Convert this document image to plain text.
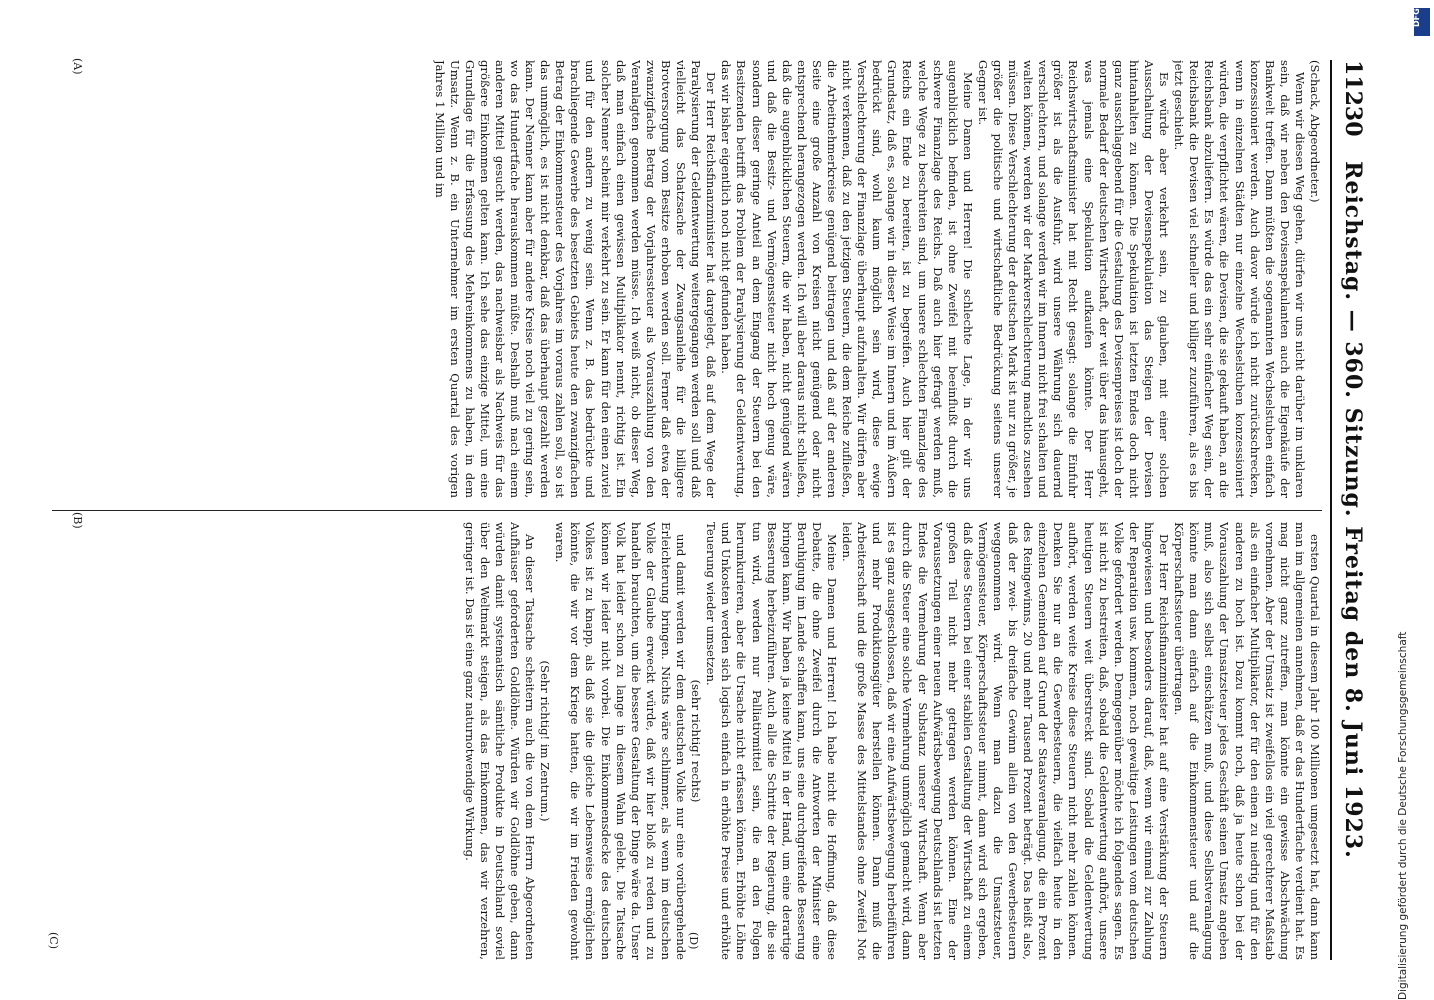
11230
Reichstag. — 360. Sitzung. Freitag den 8. Juni 1923.

(Schack, Abgeordneter.)

Wenn wir diesen Weg gehen, dürfen wir uns nicht darüber im unklaren sein, daß wir neben den Devisenspekulanten auch die Eigenkäufe der Bankwelt treffen. Dann müßten die sogenannten Wechselstuben einfach konzessioniert werden. Auch davor würde ich nicht zurückschrecken, wenn in einzelnen Städten nur einzelne Wechselstuben konzessioniert würden, die verpflichtet wären, die Devisen, die sie gekauft haben, an die Reichsbank abzuliefern. Es würde das ein sehr einfacher Weg sein, der Reichsbank die Devisen viel schneller und billiger zuzuführen, als es bis jetzt geschieht.

Es würde aber verkehrt sein, zu glauben, mit einer solchen Ausschaltung der Devisenspekulation das Steigen der Devisen hintanhalten zu können. Die Spekulation ist letzten Endes doch nicht ganz ausschlaggebend für die Gestaltung des Devisenpreises ist doch der normale Bedarf der deutschen Wirtschaft, der weit über das hinausgeht, was jemals eine Spekulation aufkaufen könnte. Der Herr Reichswirtschaftsminister hat mit Recht gesagt: solange die Einfuhr größer ist als die Ausfuhr, wird unsere Währung sich dauernd verschlechtern, und solange werden wir im Innern nicht frei schalten und walten können, werden wir der Markverschlechterung machtlos zusehen müssen. Diese Verschlechterung der deutschen Mark ist nur zu größer, je größer die politische und wirtschaftliche Bedrückung seitens unserer Gegner ist.

Meine Damen und Herren! Die schlechte Lage, in der wir uns augenblicklich befinden, ist ohne Zweifel mit beeinflußt durch die schwere Finanzlage des Reichs. Daß auch hier gefragt werden muß, welche Wege zu beschreiten sind, um unsere schlechten Finanzlage des Reichs ein Ende zu bereiten, ist zu begreifen. Auch hier gilt der Grundsatz, daß es, solange wir in dieser Weise im Innern und im Äußern bedrückt sind, wohl kaum möglich sein wird, diese ewige Verschlechterung der Finanzlage überhaupt aufzuhalten. Wir dürfen aber nicht verkennen, daß zu den jetzigen Steuern, die dem Reiche zufließen, die Arbeitnehmerkreise genügend beitragen und daß auf der anderen Seite eine große Anzahl von Kreisen nicht genügend oder nicht entsprechend herangezogen werden. Ich will aber daraus nicht schließen, daß die augenblicklichen Steuern, die wir haben, nicht genügend wären und daß die Besitz- und Vermögenssteuer nicht hoch genug wäre, sondern dieser geringe Anteil an dem Eingang der Steuern bei den Besitzenden betrifft das Problem der Paralysierung der Geldentwertung, das wir bisher eigentlich noch nicht gefunden haben.

Der Herr Reichsfinanzminister hat dargelegt, daß auf dem Wege der Paralysierung der Geldentwertung weitergegangen werden soll und daß vielleicht das Schatzsache der Zwangsanleihe für die billigere Brotversorgung vom Besitze erhoben werden soll. Ferner daß etwa der zwanzigfache Betrag der Vorjahressteuer als Vorauszahlung von den Veranlagten genommen werden müsse. Ich weiß nicht, ob dieser Weg, daß man einfach einen gewissen Multiplikator nennt, richtig ist. Ein solcher Nenner scheint mir verkehrt zu sein. Er kann für den einen zuviel und für den andern zu wenig sein. Wenn z. B. das bedrückte und brachliegende Gewerbe des besetzten Gebiets heute den zwanzigfachen Betrag der Einkommensteuer des Vorjahres im voraus zahlen soll, so ist das unmöglich, es ist nicht denkbar, daß das überhaupt gezahlt werden kann. Der Nenner kann aber für andere Kreise noch viel zu gering sein, wo das Hundertfache herauskommen müßte. Deshalb muß nach einem anderen Mittel gesucht werden, das nachweisbar als Nachweis für das größere Einkommen gelten kann. Ich sehe das einzige Mittel, um eine Grundlage für die Erfassung des Mehreinkommens zu haben, in dem Umsatz. Wenn z. B. ein Unternehmer im ersten Quartal des vorigen Jahres 1 Million und im

ersten Quartal in diesem Jahr 100 Millionen umgesetzt hat, dann kann man im allgemeinen annehmen, daß er das Hundertfache verdient hat. Es mag nicht ganz zutreffen, man könnte ein gewisse Abschwächung vornehmen. Aber der Umsatz ist zweifellos ein viel gerechterer Maßstab als ein einfacher Multiplikator, der für den einen zu niedrig und für den anderen zu hoch ist. Dazu kommt noch, daß ja heute schon bei der Vorauszahlung der Umsatzsteuer jedes Geschäft seinen Umsatz angeben muß, also sich selbst einschätzen muß, und diese Selbstveranlagung könnte man dann einfach auf die Einkommensteuer und auf die Körperschaftssteuer übertragen.

Der Herr Reichsfinanzminister hat auf eine Verstärkung der Steuern hingewiesen und besonders darauf, daß, wenn wir einmal zur Zahlung der Reparation usw. kommen, noch gewaltige Leistungen vom deutschen Volke gefordert werden. Demgegenüber möchte ich folgendes sagen. Es ist nicht zu bestreiten, daß, sobald die Geldentwertung aufhört, unsere heutigen Steuern weit überstreckt sind. Sobald die Geldentwertung aufhört, werden weite Kreise diese Steuern nicht mehr zahlen können. Denken Sie nur an die Gewerbesteuern, die vielfach heute in den einzelnen Gemeinden auf Grund der Staatsveranlagung, die ein Prozent des Reingewinns, 20 und mehr Tausend Prozent beträgt. Das heißt also, daß der zwei- bis dreifache Gewinn allein von den Gewerbesteuern weggenommen wird. Wenn man dazu die Umsatzsteuer, Vermögenssteuer, Körperschaftssteuer nimmt, dann wird sich ergeben, daß diese Steuern bei einer stabilen Gestaltung der Wirtschaft zu einem großen Teil nicht mehr getragen werden können. Eine der Voraussetzungen einer neuen Aufwärtsbewegung Deutschlands ist letzten Endes die Vermehrung der Substanz unserer Wirtschaft. Wenn aber durch die Steuer eine solche Vermehrung unmöglich gemacht wird, dann ist es ganz ausgeschlossen, daß wir eine Aufwärtsbewegung herbeiführen und mehr Produktionsgüter herstellen können. Dann muß die Arbeiterschaft und die große Masse des Mittelstandes ohne Zweifel Not leiden.

Meine Damen und Herren! Ich habe nicht die Hoffnung, daß diese Debatte, die ohne Zweifel durch die Antworten der Minister eine Beruhigung im Lande schaffen kann, uns eine durchgreifende Besserung bringen kann. Wir haben ja keine Mittel in der Hand, um eine derartige Besserung herbeizuführen. Auch alle die Schritte der Regierung, die sie tun wird, werden nur Palliativmittel sein, die an den Folgen herumkurieren, aber die Ursache nicht erfassen können. Erhöhte Löhne und Unkosten werden sich logisch einfach in erhöhte Preise und erhöhte Teuerung wieder umsetzen.

(sehr richtig! rechts)

und damit werden wir dem deutschen Volke nur eine vorübergehende Erleichterung bringen. Nichts wäre schlimmer, als wenn im deutschen Volke der Glaube erweckt würde, daß wir hier bloß zu reden und zu handeln brauchten, um die bessere Gestaltung der Dinge wäre da. Unser Volk hat leider schon zu lange in diesem Wahn gelebt. Die Tatsache können wir leider nicht vorbei. Die Einkommensdecke des deutschen Volkes ist zu knapp, als daß sie die gleiche Lebensweise ermöglichen könnte, die wir vor dem Kriege hatten, die wir im Frieden gewohnt waren.

(Sehr richtig! im Zentrum.)

An dieser Tatsache scheitern auch die von dem Herrn Abgeordneten Aufhäuser geforderten Goldlöhne. Würden wir Goldlöhne geben, dann würden damit systematisch sämtliche Produkte in Deutschland soviel über den Weltmarkt steigen, als das Einkommen, das wir verzehren, geringer ist. Das ist eine ganz naturnotwendige Wirkung.

(A)
(B)
(C)	(D)	Digitalisierung gefördert durch die Deutsche Forschungsgemeinschaft
DFG
